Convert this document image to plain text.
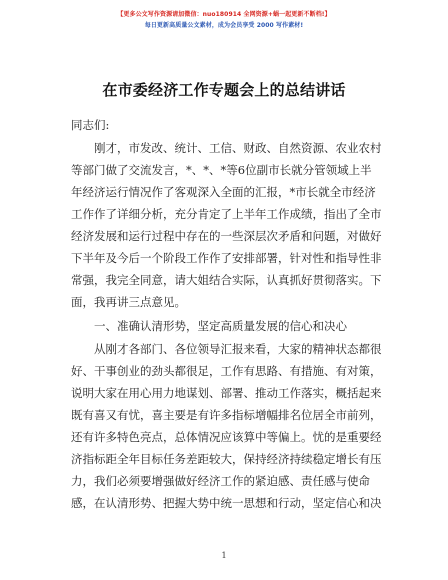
【更多公文写作资源请加微信：nuo180914 全网资源+蜗一起更新不断档!】
每日更新高质量公文素材，成为会员享受 2000 写作素材!
在市委经济工作专题会上的总结讲话
同志们:
刚才，市发改、统计、工信、财政、自然资源、农业农村
等部门做了交流发言，*、*、*等6位副市长就分管领域上半
年经济运行情况作了客观深入全面的汇报，*市长就全市经济
工作作了详细分析，充分肯定了上半年工作成绩，指出了全市
经济发展和运行过程中存在的一些深层次矛盾和问题，对做好
下半年及今后一个阶段工作作了安排部署，针对性和指导性非
常强，我完全同意，请大姐结合实际，认真抓好贯彻落实。下
面，我再讲三点意见。
一、准确认清形势，坚定高质量发展的信心和决心
从刚才各部门、各位领导汇报来看，大家的精神状态都很
好、干事创业的劲头都很足，工作有思路、有措施、有对策，
说明大家在用心用力地谋划、部署、推动工作落实，概括起来
既有喜又有忧，喜主要是有许多指标增幅排名位居全市前列，
还有许多特色亮点，总体情况应该算中等偏上。忧的是重要经
济指标距全年目标任务差距较大，保持经济持续稳定增长有压
力，我们必须要增强做好经济工作的紧迫感、责任感与使命
感，在认清形势、把握大势中统一思想和行动，坚定信心和决
1
